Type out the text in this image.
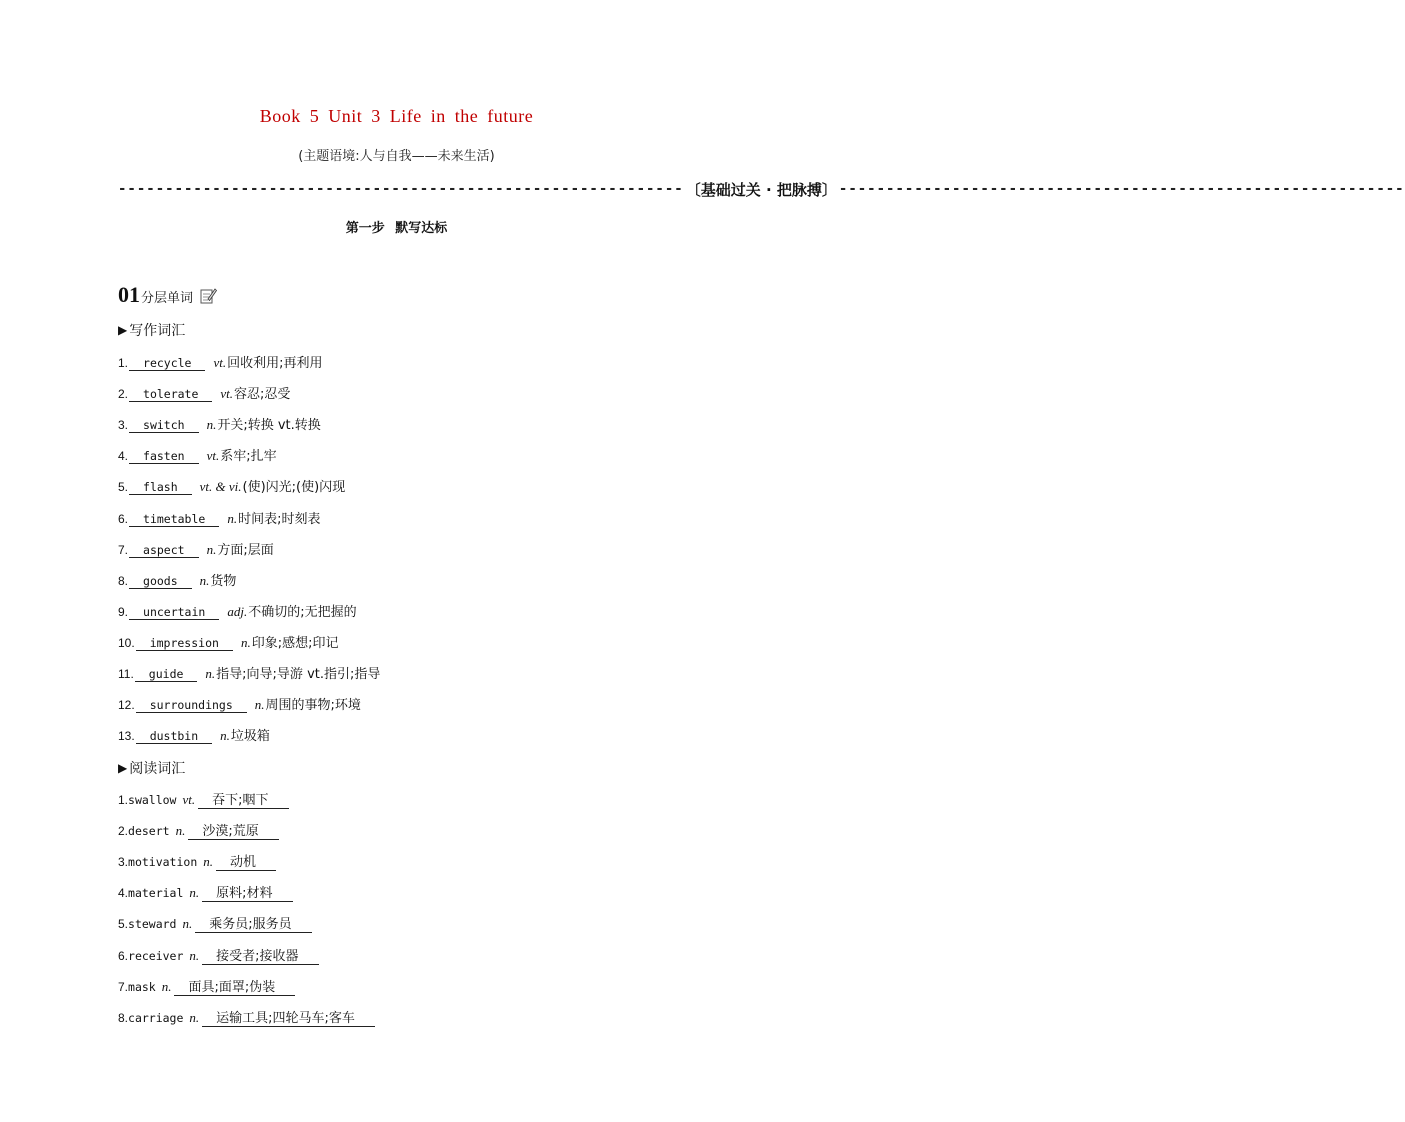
Book 5 Unit 3 Life in the future
(主题语境:人与自我——未来生活)
------------------------------------------------------------ 〔基础过关 · 把脉搏〕 ------------------------------------------------------------
第一步 默写达标
01 分层单词
▶ 写作词汇
1.	recycle	vt. 回收利用;再利用
2.	tolerate	vt. 容忍;忍受
3.	switch	n. 开关;转换 vt.转换
4.	fasten	vt. 系牢;扎牢
5.	flash	vt. & vi. (使)闪光;(使)闪现
6.	timetable	n. 时间表;时刻表
7.	aspect	n. 方面;层面
8.	goods	n. 货物
9.	uncertain	adj. 不确切的;无把握的
10.	impression	n. 印象;感想;印记
11.	guide	n. 指导;向导;导游 vt.指引;指导
12.	surroundings	n. 周围的事物;环境
13.	dustbin	n. 垃圾箱
▶ 阅读词汇
1. swallow vt.	吞下;咽下
2. desert n.	沙漠;荒原
3. motivation n.	动机
4. material n.	原料;材料
5. steward n.	乘务员;服务员
6. receiver n.	接受者;接收器
7. mask n.	面具;面罩;伪装
8. carriage n.	运输工具;四轮马车;客车
